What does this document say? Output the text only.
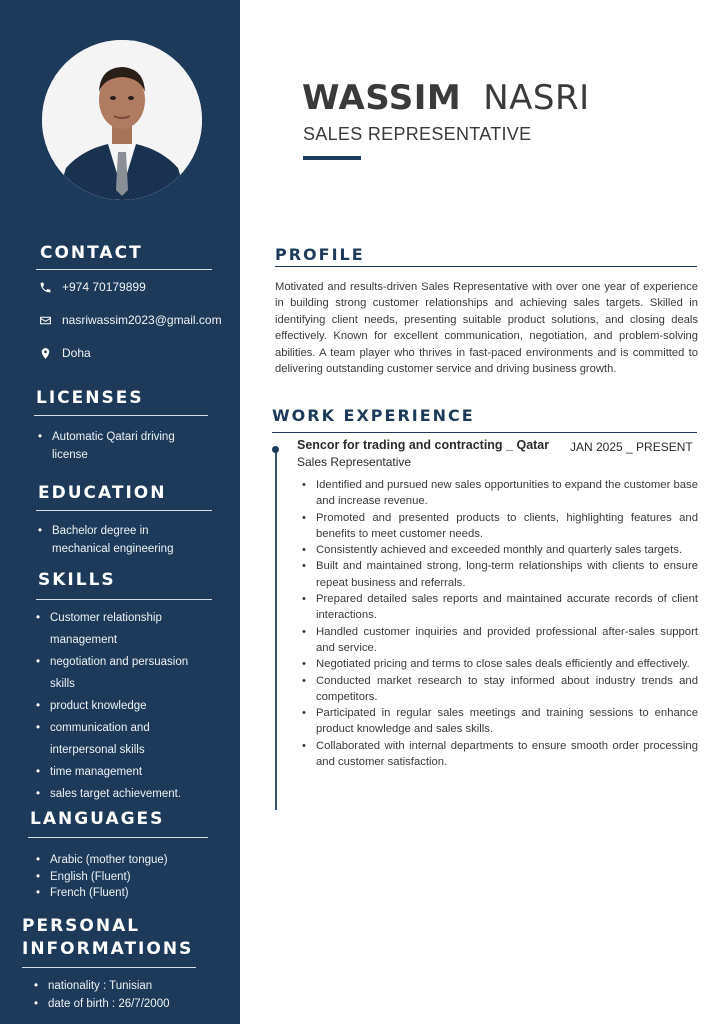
CONTACT
+974 70179899
nasriwassim2023@gmail.com
Doha
LICENSES
• Automatic Qatari driving license
EDUCATION
• Bachelor degree in mechanical engineering
SKILLS
• Customer relationship management
• negotiation and persuasion skills
• product knowledge
• communication and interpersonal skills
• time management
• sales target achievement.
LANGUAGES
• Arabic (mother tongue)
• English (Fluent)
• French (Fluent)
PERSONAL
INFORMATIONS
• nationality : Tunisian
• date of birth : 26/7/2000
WASSIM NASRI
SALES REPRESENTATIVE
PROFILE

Motivated and results-driven Sales Representative with over one year of experience in building strong customer relationships and achieving sales targets. Skilled in identifying client needs, presenting suitable product solutions, and closing deals effectively. Known for excellent communication, negotiation, and problem-solving abilities. A team player who thrives in fast-paced environments and is committed to delivering outstanding customer service and driving business growth.

WORK EXPERIENCE
Sencor for trading and contracting _ Qatar JAN 2025 _ PRESENT
Sales Representative
• Identified and pursued new sales opportunities to expand the customer base and increase revenue.
• Promoted and presented products to clients, highlighting features and benefits to meet customer needs.
• Consistently achieved and exceeded monthly and quarterly sales targets.
• Built and maintained strong, long-term relationships with clients to ensure repeat business and referrals.
• Prepared detailed sales reports and maintained accurate records of client interactions.
• Handled customer inquiries and provided professional after-sales support and service.
• Negotiated pricing and terms to close sales deals efficiently and effectively.
• Conducted market research to stay informed about industry trends and competitors.
• Participated in regular sales meetings and training sessions to enhance product knowledge and sales skills.
• Collaborated with internal departments to ensure smooth order processing and customer satisfaction.
